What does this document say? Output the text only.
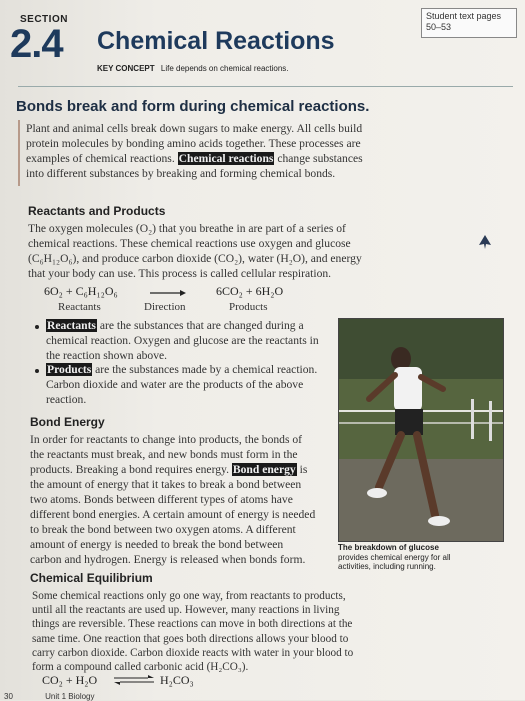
SECTION	Student text pages
50–53
2.4 Chemical Reactions
KEY CONCEPT Life depends on chemical reactions.
Bonds break and form during chemical reactions.
Plant and animal cells break down sugars to make energy. All cells build
protein molecules by bonding amino acids together. These processes are
examples of chemical reactions. Chemical reactions change substances
into different substances by breaking and forming chemical bonds.
Reactants and Products
The oxygen molecules (O₂) that you breathe in are part of a series of
chemical reactions. These chemical reactions use oxygen and glucose
(C₆H₁₂O₆), and produce carbon dioxide (CO₂), water (H₂O), and energy
that your body can use. This process is called cellular respiration.
6O₂ + C₆H₁₂O₆	6CO₂ + 6H₂O
Reactants	Direction	Products
Reactants are the substances that are changed during a
chemical reaction. Oxygen and glucose are the reactants in
the reaction shown above.
Products are the substances made by a chemical reaction.
Carbon dioxide and water are the products of the above
reaction.
Bond Energy
In order for reactants to change into products, the bonds of
the reactants must break, and new bonds must form in the
products. Breaking a bond requires energy. Bond energy is
the amount of energy that it takes to break a bond between
two atoms. Bonds between different types of atoms have
different bond energies. A certain amount of energy is needed
to break the bond between two oxygen atoms. A different
amount of energy is needed to break the bond between
carbon and hydrogen. Energy is released when bonds form.
The breakdown of glucose
provides chemical energy for all
activities, including running.
Chemical Equilibrium
Some chemical reactions only go one way, from reactants to products,
until all the reactants are used up. However, many reactions in living
things are reversible. These reactions can move in both directions at the
same time. One reaction that goes both directions allows your blood to
carry carbon dioxide. Carbon dioxide reacts with water in your blood to
form a compound called carbonic acid (H₂CO₃).
CO₂ + H₂O ⇌ H₂CO₃
30	Unit 1 Biology
